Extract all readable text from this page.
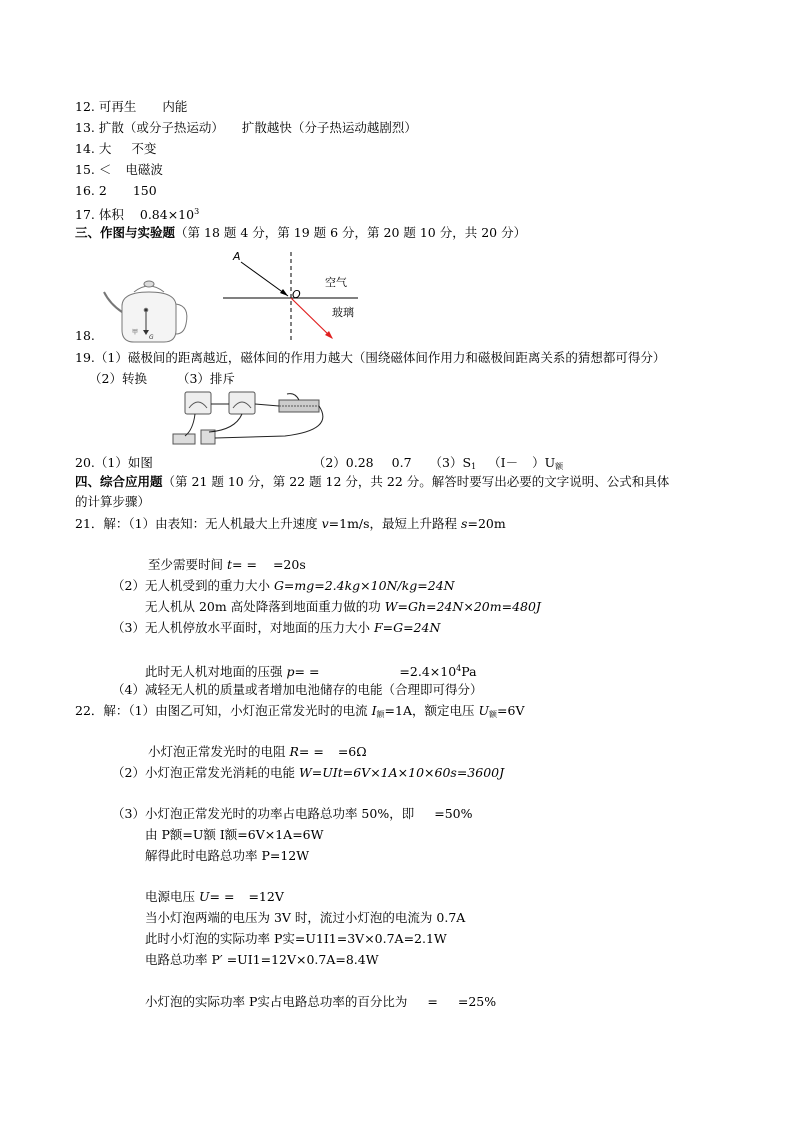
12. 可再生 内能
13. 扩散（或分子热运动） 扩散越快（分子热运动越剧烈）
14. 大 不变
15. ＜ 电磁波
16. 2 150
17. 体积 $0.84\times 10^3$
三、作图与实验题（第 18 题 4 分，第 19 题 6 分，第 20 题 10 分，共 20 分）
甲
G
A
O
空气
玻璃
18.
19.（1）磁极间的距离越近，磁体间的作用力越大（围绕磁体间作用力和磁极间距离关系的猜想都可得分）
（2）转换 （3）排斥
20.（1）如图	（2）0.28 0.7 $(3)S_1$ $(I- )U_额$
四、综合应用题（第 21 题 10 分，第 22 题 12 分，共 22 分。解答时要写出必要的文字说明、公式和具体
的计算步骤）
21．解：（1）由表知：无人机最大上升速度 v=1m/s，最短上升路程 s=20m
至少需要时间 t= = =20s
（2）无人机受到的重力大小 G=mg=2.4kg×10N/kg=24N
无人机从 20m 高处降落到地面重力做的功 W=Gh=24N×20m=480J
（3）无人机停放水平面时，对地面的压力大小 F=G=24N
此时无人机对地面的压强 p= =	$=2.4\times 10^4Pa$
（4）减轻无人机的质量或者增加电池储存的电能（合理即可得分）
22．解：（1）由图乙可知，小灯泡正常发光时的电流 $I_额=1A$，额定电压 $U_额=6V$
小灯泡正常发光时的电阻 R= = =6Ω
（2）小灯泡正常发光消耗的电能 W=UIt=6V×1A×10×60s=3600J
（3）小灯泡正常发光时的功率占电路总功率 50%，即 =50%
由 P额=U额 I额=6V×1A=6W
解得此时电路总功率 P=12W
电源电压 U= = =12V
当小灯泡两端的电压为 3V 时，流过小灯泡的电流为 0.7A
此时小灯泡的实际功率 P实=U1I1=3V×0.7A=2.1W
电路总功率 P′ =UI1=12V×0.7A=8.4W
小灯泡的实际功率 P实占电路总功率的百分比为 = =25%
